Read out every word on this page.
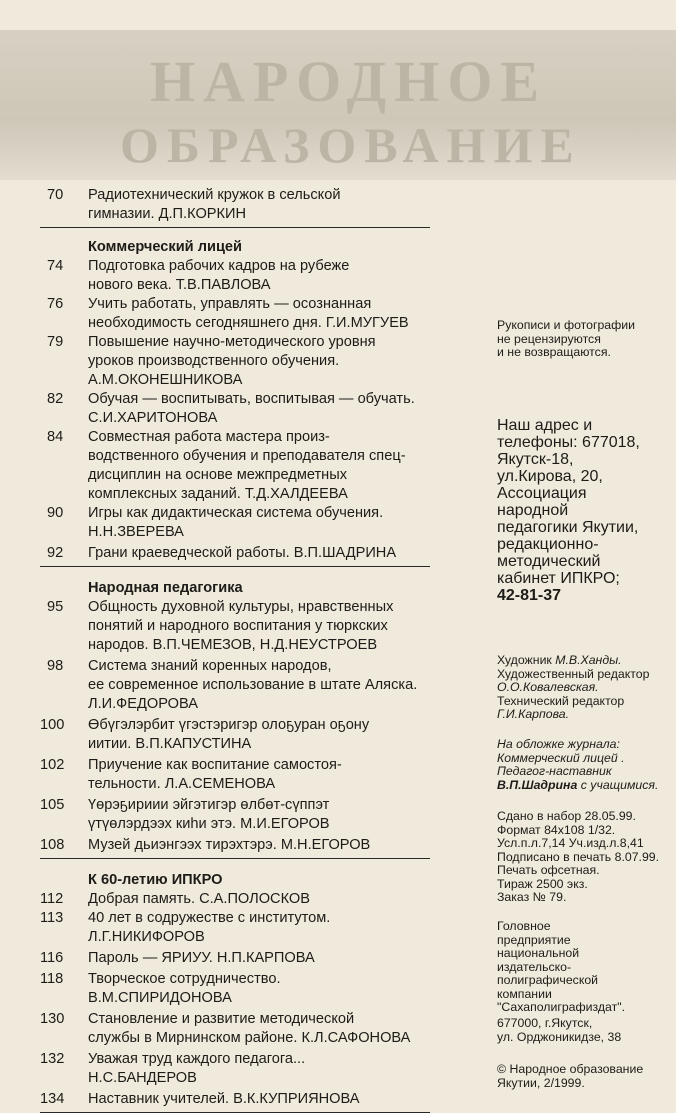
НАРОДНОЕ
ОБРАЗОВАНИЕ
70 Радиотехнический кружок в сельской
гимназии. Д.П.КОРКИН
Коммерческий лицей
74 Подготовка рабочих кадров на рубеже
нового века. Т.В.ПАВЛОВА
76 Учить работать, управлять — осознанная
необходимость сегодняшнего дня. Г.И.МУГУЕВ
79 Повышение научно-методического уровня
уроков производственного обучения.
А.М.ОКОНЕШНИКОВА
82 Обучая — воспитывать, воспитывая — обучать.
С.И.ХАРИТОНОВА
84 Совместная работа мастера произ-
водственного обучения и преподавателя спец-
дисциплин на основе межпредметных
комплексных заданий. Т.Д.ХАЛДЕЕВА
90 Игры как дидактическая система обучения.
Н.Н.ЗВЕРЕВА
92 Грани краеведческой работы. В.П.ШАДРИНА
Народная педагогика
95 Общность духовной культуры, нравственных
понятий и народного воспитания у тюркских
народов. В.П.ЧЕМЕЗОВ, Н.Д.НЕУСТРОЕВ
98 Система знаний коренных народов,
ее современное использование в штате Аляска.
Л.И.ФЕДОРОВА
100 Өбүгэлэрбит үгэстэригэр олоҕуран оҕону
иитии. В.П.КАПУСТИНА
102 Приучение как воспитание самостоя-
тельности. Л.А.СЕМЕНОВА
105 Үөрэҕириии эйгэтигэр өлбөт-сүппэт
үтүөлэрдээх киһи этэ. М.И.ЕГОРОВ
108 Музей дьиэнгээх тирэхтэрэ. М.Н.ЕГОРОВ
К 60-летию ИПКРО
112 Добрая память. С.А.ПОЛОСКОВ
113 40 лет в содружестве с институтом.
Л.Г.НИКИФОРОВ
116 Пароль — ЯРИУУ. Н.П.КАРПОВА
118 Творческое сотрудничество.
В.М.СПИРИДОНОВА
130 Становление и развитие методической
службы в Мирнинском районе. К.Л.САФОНОВА
132 Уважая труд каждого педагога...
Н.С.БАНДЕРОВ
134 Наставник учителей. В.К.КУПРИЯНОВА
Рукописи и фотографии
не рецензируются
и не возвращаются.
Наш адрес и
телефоны: 677018,
Якутск-18,
ул.Кирова, 20,
Ассоциация
народной
педагогики Якутии,
редакционно-
методический
кабинет ИПКРО;
42-81-37
Художник М.В.Ханды.
Художественный редактор
О.О.Ковалевская.
Технический редактор
Г.И.Карпова.
На обложке журнала:
Коммерческий лицей .
Педагог-наставник
В.П.Шадрина с учащимися.
Сдано в набор 28.05.99.
Формат 84х108 1/32.
Усл.п.л.7,14 Уч.изд.л.8,41
Подписано в печать 8.07.99.
Печать офсетная.
Тираж 2500 экз.
Заказ № 79.
Головное
предприятие
национальной
издательско-
полиграфической
компании
"Сахаполиграфиздат".
677000, г.Якутск,
ул. Орджоникидзе, 38
© Народное образование
Якутии, 2/1999.
